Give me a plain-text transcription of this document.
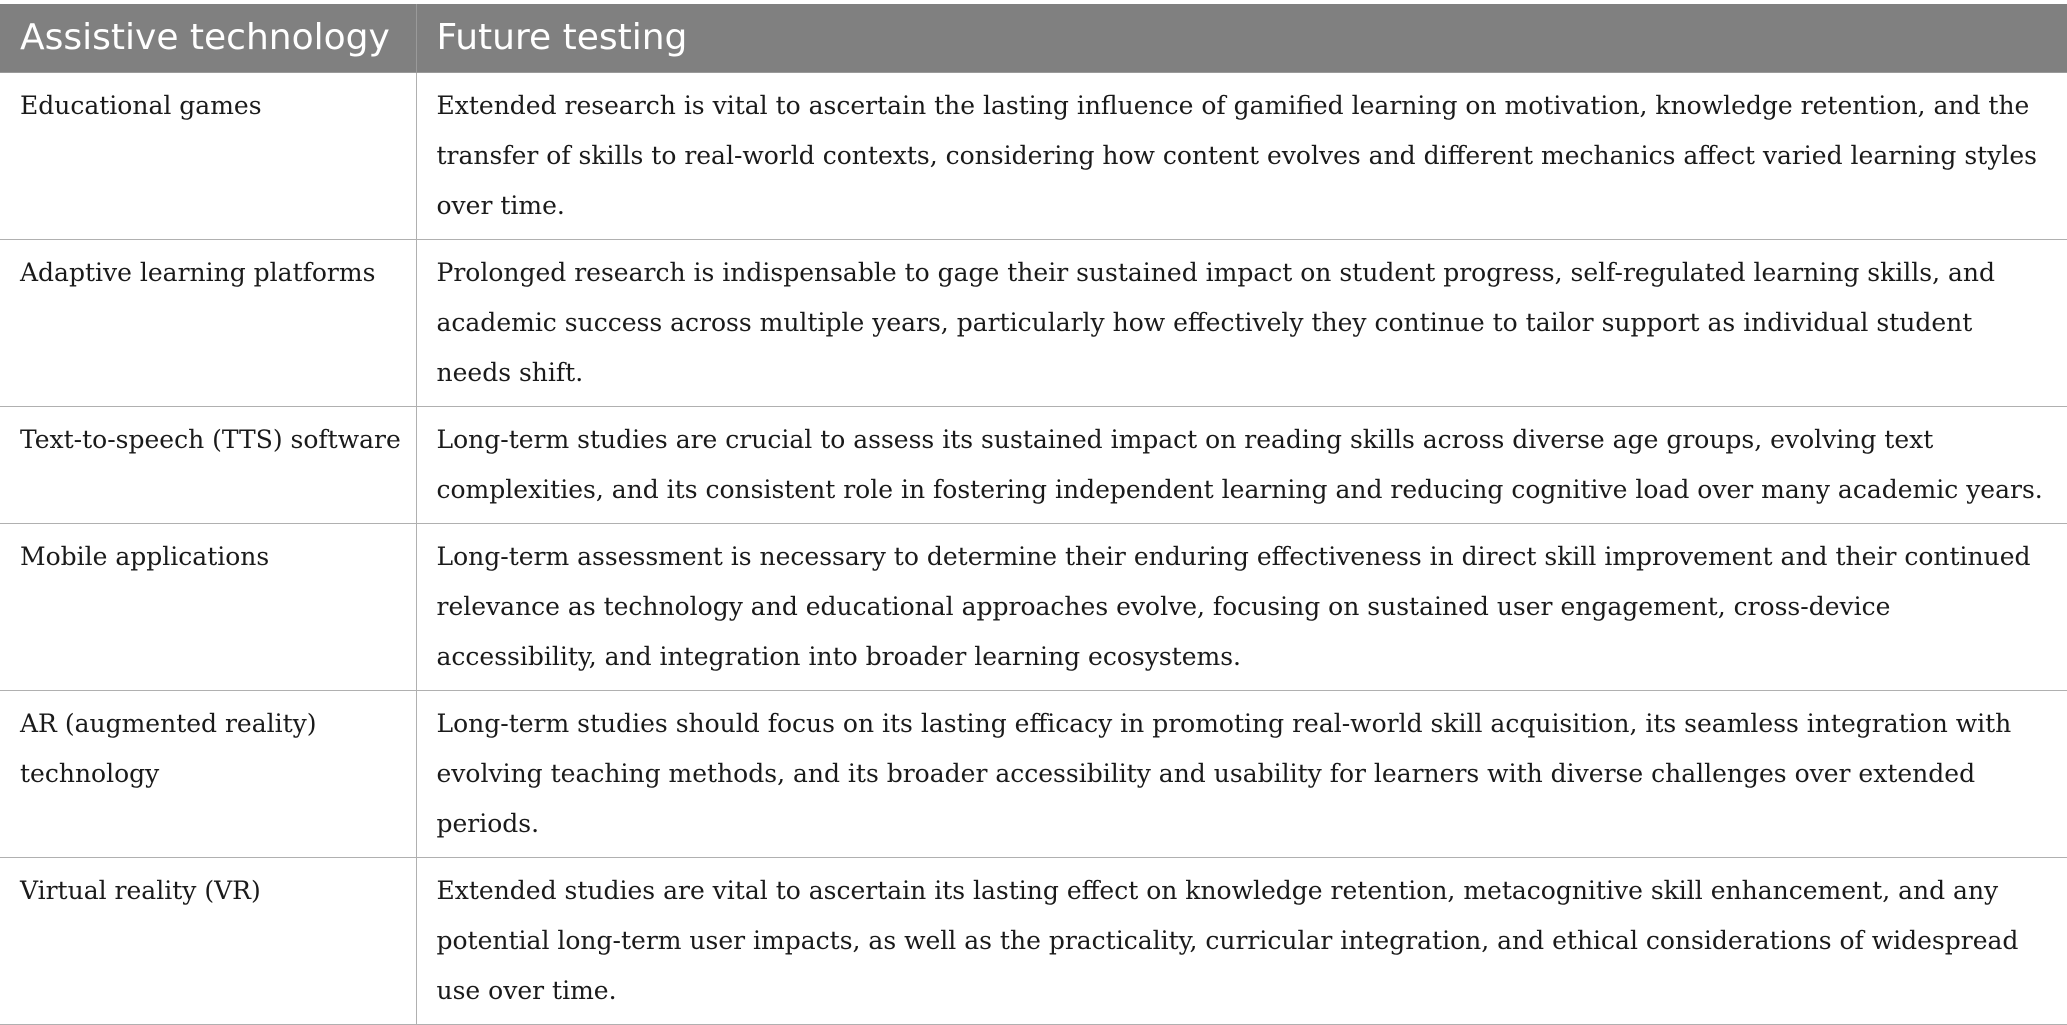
Assistive technology	Future testing
Educational games	Extended research is vital to ascertain the lasting influence of gamified learning on motivation, knowledge retention, and the transfer of skills to real-world contexts, considering how content evolves and different mechanics affect varied learning styles over time.
Adaptive learning platforms	Prolonged research is indispensable to gage their sustained impact on student progress, self-regulated learning skills, and academic success across multiple years, particularly how effectively they continue to tailor support as individual student needs shift.
Text-to-speech (TTS) software	Long-term studies are crucial to assess its sustained impact on reading skills across diverse age groups, evolving text complexities, and its consistent role in fostering independent learning and reducing cognitive load over many academic years.
Mobile applications	Long-term assessment is necessary to determine their enduring effectiveness in direct skill improvement and their continued relevance as technology and educational approaches evolve, focusing on sustained user engagement, cross-device accessibility, and integration into broader learning ecosystems.
AR (augmented reality) technology	Long-term studies should focus on its lasting efficacy in promoting real-world skill acquisition, its seamless integration with evolving teaching methods, and its broader accessibility and usability for learners with diverse challenges over extended periods.
Virtual reality (VR)	Extended studies are vital to ascertain its lasting effect on knowledge retention, metacognitive skill enhancement, and any potential long-term user impacts, as well as the practicality, curricular integration, and ethical considerations of widespread use over time.
